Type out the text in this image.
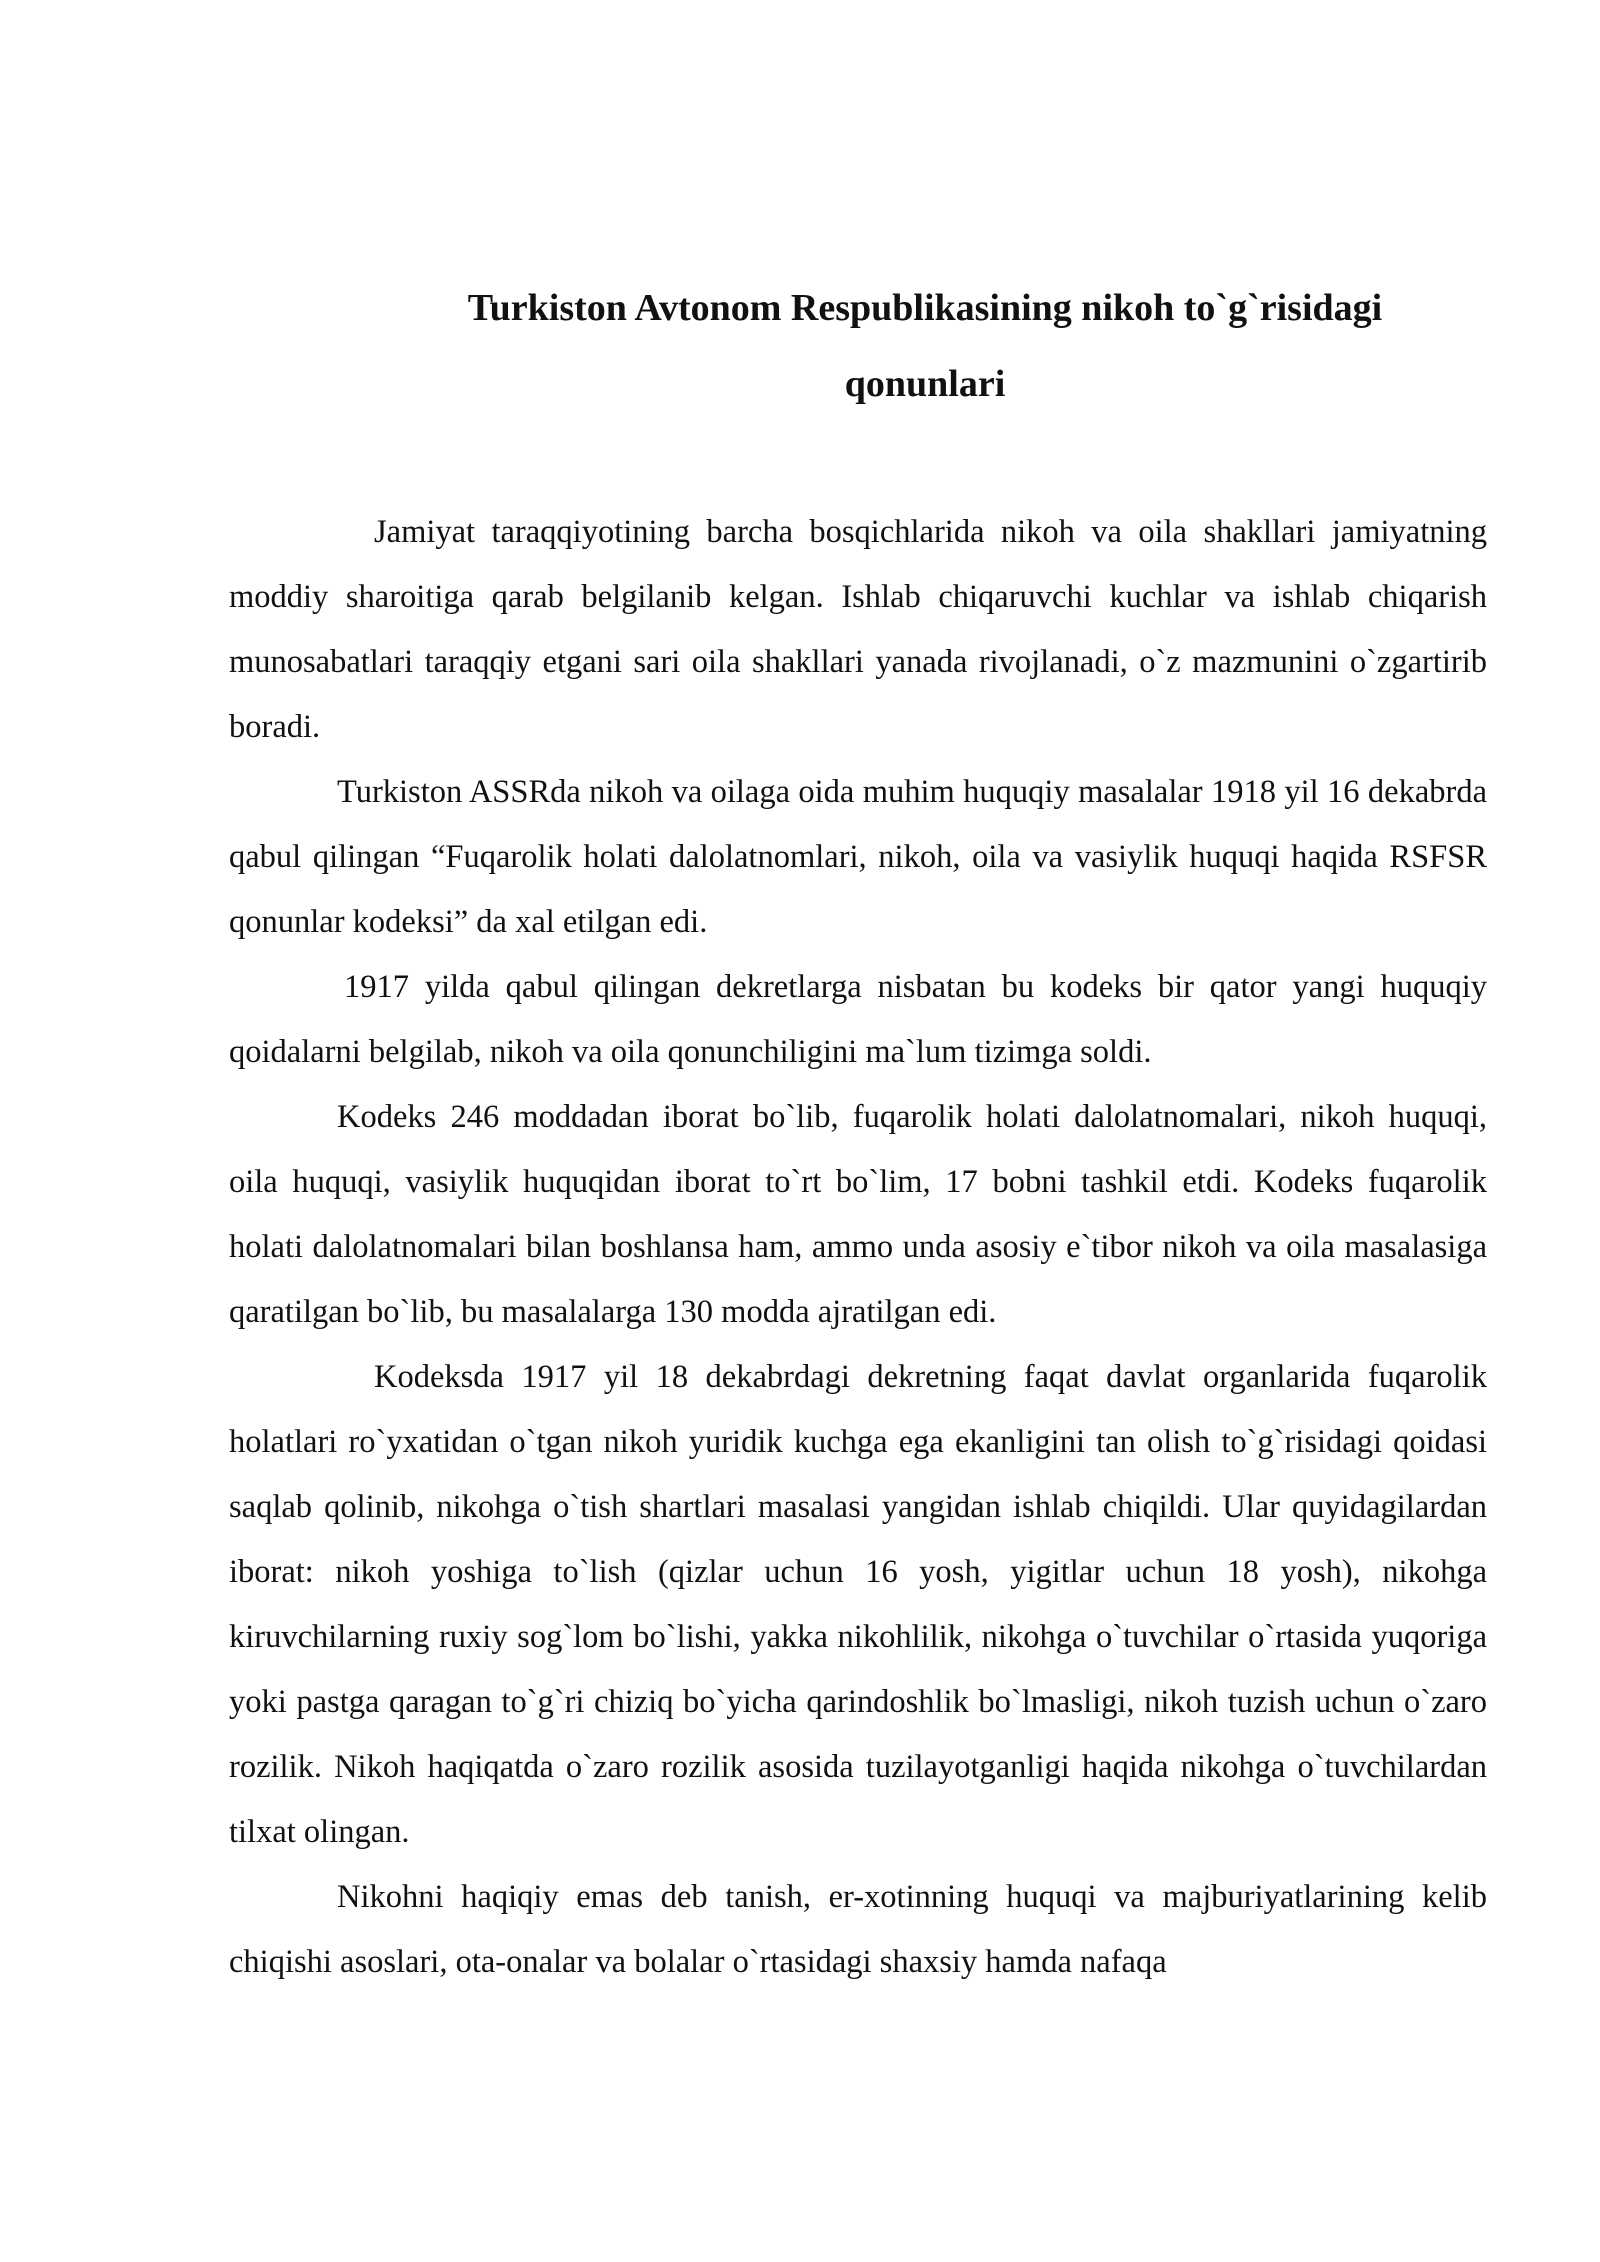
Turkiston Avtonom Respublikasining nikoh to`g`risidagi
qonunlari

Jamiyat taraqqiyotining barcha bosqichlarida nikoh va oila shakllari jamiyatning moddiy sharoitiga qarab belgilanib kelgan. Ishlab chiqaruvchi kuchlar va ishlab chiqarish munosabatlari taraqqiy etgani sari oila shakllari yanada rivojlanadi, o`z mazmunini o`zgartirib boradi.

Turkiston ASSRda nikoh va oilaga oida muhim huquqiy masalalar 1918 yil 16 dekabrda qabul qilingan “Fuqarolik holati dalolatnomlari, nikoh, oila va vasiylik huquqi haqida RSFSR qonunlar kodeksi” da xal etilgan edi.

1917 yilda qabul qilingan dekretlarga nisbatan bu kodeks bir qator yangi huquqiy qoidalarni belgilab, nikoh va oila qonunchiligini ma`lum tizimga soldi.

Kodeks 246 moddadan iborat bo`lib, fuqarolik holati dalolatnomalari, nikoh huquqi, oila huquqi, vasiylik huquqidan iborat to`rt bo`lim, 17 bobni tashkil etdi. Kodeks fuqarolik holati dalolatnomalari bilan boshlansa ham, ammo unda asosiy e`tibor nikoh va oila masalasiga qaratilgan bo`lib, bu masalalarga 130 modda ajratilgan edi.

Kodeksda 1917 yil 18 dekabrdagi dekretning faqat davlat organlarida fuqarolik holatlari ro`yxatidan o`tgan nikoh yuridik kuchga ega ekanligini tan olish to`g`risidagi qoidasi saqlab qolinib, nikohga o`tish shartlari masalasi yangidan ishlab chiqildi. Ular quyidagilardan iborat: nikoh yoshiga to`lish (qizlar uchun 16 yosh, yigitlar uchun 18 yosh), nikohga kiruvchilarning ruxiy sog`lom bo`lishi, yakka nikohlilik, nikohga o`tuvchilar o`rtasida yuqoriga yoki pastga qaragan to`g`ri chiziq bo`yicha qarindoshlik bo`lmasligi, nikoh tuzish uchun o`zaro rozilik. Nikoh haqiqatda o`zaro rozilik asosida tuzilayotganligi haqida nikohga o`tuvchilardan tilxat olingan.

Nikohni haqiqiy emas deb tanish, er-xotinning huquqi va majburiyatlarining kelib chiqishi asoslari, ota-onalar va bolalar o`rtasidagi shaxsiy hamda nafaqa
